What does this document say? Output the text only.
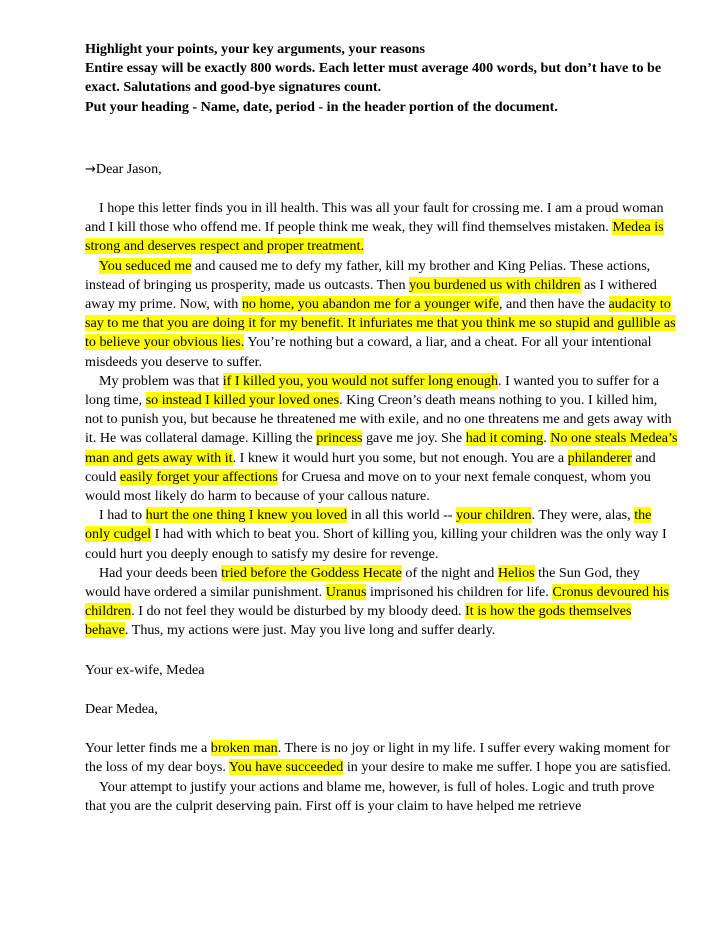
Highlight your points, your key arguments, your reasons
Entire essay will be exactly 800 words. Each letter must average 400 words, but don’t have to be exact. Salutations and good-bye signatures count.
Put your heading - Name, date, period - in the header portion of the document.
→Dear Jason,

I hope this letter finds you in ill health. This was all your fault for crossing me. I am a proud woman and I kill those who offend me. If people think me weak, they will find themselves mistaken. Medea is strong and deserves respect and proper treatment.

You seduced me and caused me to defy my father, kill my brother and King Pelias. These actions, instead of bringing us prosperity, made us outcasts. Then you burdened us with children as I withered away my prime. Now, with no home, you abandon me for a younger wife, and then have the audacity to say to me that you are doing it for my benefit. It infuriates me that you think me so stupid and gullible as to believe your obvious lies. You’re nothing but a coward, a liar, and a cheat. For all your intentional misdeeds you deserve to suffer.

My problem was that if I killed you, you would not suffer long enough. I wanted you to suffer for a long time, so instead I killed your loved ones. King Creon’s death means nothing to you. I killed him, not to punish you, but because he threatened me with exile, and no one threatens me and gets away with it. He was collateral damage. Killing the princess gave me joy. She had it coming. No one steals Medea’s man and gets away with it. I knew it would hurt you some, but not enough. You are a philanderer and could easily forget your affections for Cruesa and move on to your next female conquest, whom you would most likely do harm to because of your callous nature.

I had to hurt the one thing I knew you loved in all this world -- your children. They were, alas, the only cudgel I had with which to beat you. Short of killing you, killing your children was the only way I could hurt you deeply enough to satisfy my desire for revenge.

Had your deeds been tried before the Goddess Hecate of the night and Helios the Sun God, they would have ordered a similar punishment. Uranus imprisoned his children for life. Cronus devoured his children. I do not feel they would be disturbed by my bloody deed. It is how the gods themselves behave. Thus, my actions were just. May you live long and suffer dearly.

Your ex-wife, Medea
Dear Medea,

Your letter finds me a broken man. There is no joy or light in my life. I suffer every waking moment for the loss of my dear boys. You have succeeded in your desire to make me suffer. I hope you are satisfied.

Your attempt to justify your actions and blame me, however, is full of holes. Logic and truth prove that you are the culprit deserving pain. First off is your claim to have helped me retrieve
